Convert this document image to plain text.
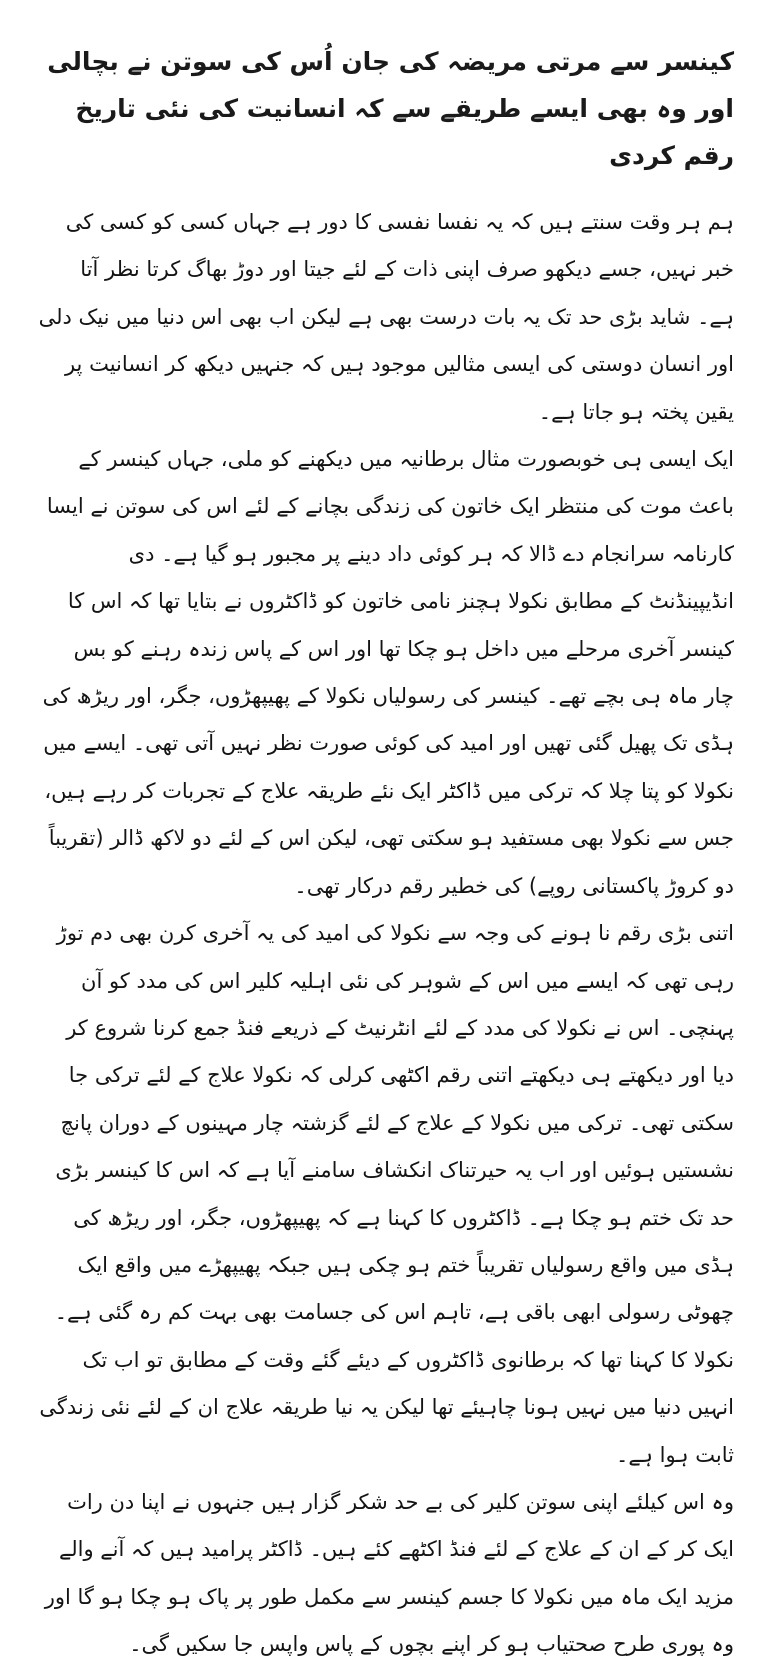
کینسر سے مرتی مریضہ کی جان اُس کی سوتن نے بچالی اور وہ بھی ایسے طریقے سے کہ انسانیت کی نئی تاریخ رقم کردی

ہم ہر وقت سنتے ہیں کہ یہ نفسا نفسی کا دور ہے جہاں کسی کو کسی کی خبر نہیں، جسے دیکھو صرف اپنی ذات کے لئے جیتا اور دوڑ بھاگ کرتا نظر آتا ہے۔ شاید بڑی حد تک یہ بات درست بھی ہے لیکن اب بھی اس دنیا میں نیک دلی اور انسان دوستی کی ایسی مثالیں موجود ہیں کہ جنہیں دیکھ کر انسانیت پر یقین پختہ ہو جاتا ہے۔

ایک ایسی ہی خوبصورت مثال برطانیہ میں دیکھنے کو ملی، جہاں کینسر کے باعث موت کی منتظر ایک خاتون کی زندگی بچانے کے لئے اس کی سوتن نے ایسا کارنامہ سرانجام دے ڈالا کہ ہر کوئی داد دینے پر مجبور ہو گیا ہے۔ دی انڈیپینڈنٹ کے مطابق نکولا ہچنز نامی خاتون کو ڈاکٹروں نے بتایا تھا کہ اس کا کینسر آخری مرحلے میں داخل ہو چکا تھا اور اس کے پاس زندہ رہنے کو بس چار ماہ ہی بچے تھے۔ کینسر کی رسولیاں نکولا کے پھیپھڑوں، جگر، اور ریڑھ کی ہڈی تک پھیل گئی تھیں اور امید کی کوئی صورت نظر نہیں آتی تھی۔ ایسے میں نکولا کو پتا چلا کہ ترکی میں ڈاکٹر ایک نئے طریقہ علاج کے تجربات کر رہے ہیں، جس سے نکولا بھی مستفید ہو سکتی تھی، لیکن اس کے لئے دو لاکھ ڈالر (تقریباً دو کروڑ پاکستانی روپے) کی خطیر رقم درکار تھی۔

اتنی بڑی رقم نا ہونے کی وجہ سے نکولا کی امید کی یہ آخری کرن بھی دم توڑ رہی تھی کہ ایسے میں اس کے شوہر کی نئی اہلیہ کلیر اس کی مدد کو آن پہنچی۔ اس نے نکولا کی مدد کے لئے انٹرنیٹ کے ذریعے فنڈ جمع کرنا شروع کر دیا اور دیکھتے ہی دیکھتے اتنی رقم اکٹھی کرلی کہ نکولا علاج کے لئے ترکی جا سکتی تھی۔ ترکی میں نکولا کے علاج کے لئے گزشتہ چار مہینوں کے دوران پانچ نشستیں ہوئیں اور اب یہ حیرتناک انکشاف سامنے آیا ہے کہ اس کا کینسر بڑی حد تک ختم ہو چکا ہے۔ ڈاکٹروں کا کہنا ہے کہ پھیپھڑوں، جگر، اور ریڑھ کی ہڈی میں واقع رسولیاں تقریباً ختم ہو چکی ہیں جبکہ پھیپھڑے میں واقع ایک چھوٹی رسولی ابھی باقی ہے، تاہم اس کی جسامت بھی بہت کم رہ گئی ہے۔ نکولا کا کہنا تھا کہ برطانوی ڈاکٹروں کے دیئے گئے وقت کے مطابق تو اب تک انہیں دنیا میں نہیں ہونا چاہیئے تھا لیکن یہ نیا طریقہ علاج ان کے لئے نئی زندگی ثابت ہوا ہے۔

وہ اس کیلئے اپنی سوتن کلیر کی بے حد شکر گزار ہیں جنہوں نے اپنا دن رات ایک کر کے ان کے علاج کے لئے فنڈ اکٹھے کئے ہیں۔ ڈاکٹر پرامید ہیں کہ آنے والے مزید ایک ماہ میں نکولا کا جسم کینسر سے مکمل طور پر پاک ہو چکا ہو گا اور وہ پوری طرح صحتیاب ہو کر اپنے بچوں کے پاس واپس جا سکیں گی۔
